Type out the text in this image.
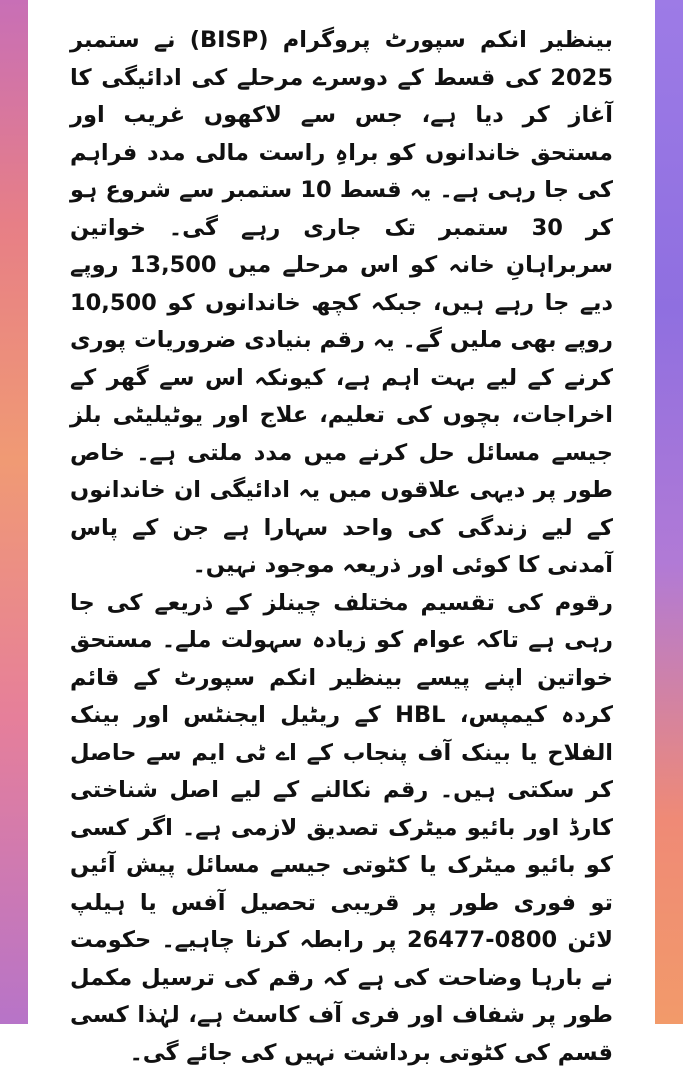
بینظیر انکم سپورٹ پروگرام (BISP) نے ستمبر 2025 کی قسط کے دوسرے مرحلے کی ادائیگی کا آغاز کر دیا ہے، جس سے لاکھوں غریب اور مستحق خاندانوں کو براہِ راست مالی مدد فراہم کی جا رہی ہے۔ یہ قسط 10 ستمبر سے شروع ہو کر 30 ستمبر تک جاری رہے گی۔ خواتین سربراہانِ خانہ کو اس مرحلے میں 13,500 روپے دیے جا رہے ہیں، جبکہ کچھ خاندانوں کو 10,500 روپے بھی ملیں گے۔ یہ رقم بنیادی ضروریات پوری کرنے کے لیے بہت اہم ہے، کیونکہ اس سے گھر کے اخراجات، بچوں کی تعلیم، علاج اور یوٹیلیٹی بلز جیسے مسائل حل کرنے میں مدد ملتی ہے۔ خاص طور پر دیہی علاقوں میں یہ ادائیگی ان خاندانوں کے لیے زندگی کی واحد سہارا ہے جن کے پاس آمدنی کا کوئی اور ذریعہ موجود نہیں۔

رقوم کی تقسیم مختلف چینلز کے ذریعے کی جا رہی ہے تاکہ عوام کو زیادہ سہولت ملے۔ مستحق خواتین اپنے پیسے بینظیر انکم سپورٹ کے قائم کردہ کیمپس، HBL کے ریٹیل ایجنٹس اور بینک الفلاح یا بینک آف پنجاب کے اے ٹی ایم سے حاصل کر سکتی ہیں۔ رقم نکالنے کے لیے اصل شناختی کارڈ اور بائیو میٹرک تصدیق لازمی ہے۔ اگر کسی کو بائیو میٹرک یا کٹوتی جیسے مسائل پیش آئیں تو فوری طور پر قریبی تحصیل آفس یا ہیلپ لائن 0800-26477 پر رابطہ کرنا چاہیے۔ حکومت نے بارہا وضاحت کی ہے کہ رقم کی ترسیل مکمل طور پر شفاف اور فری آف کاسٹ ہے، لہٰذا کسی قسم کی کٹوتی برداشت نہیں کی جائے گی۔
